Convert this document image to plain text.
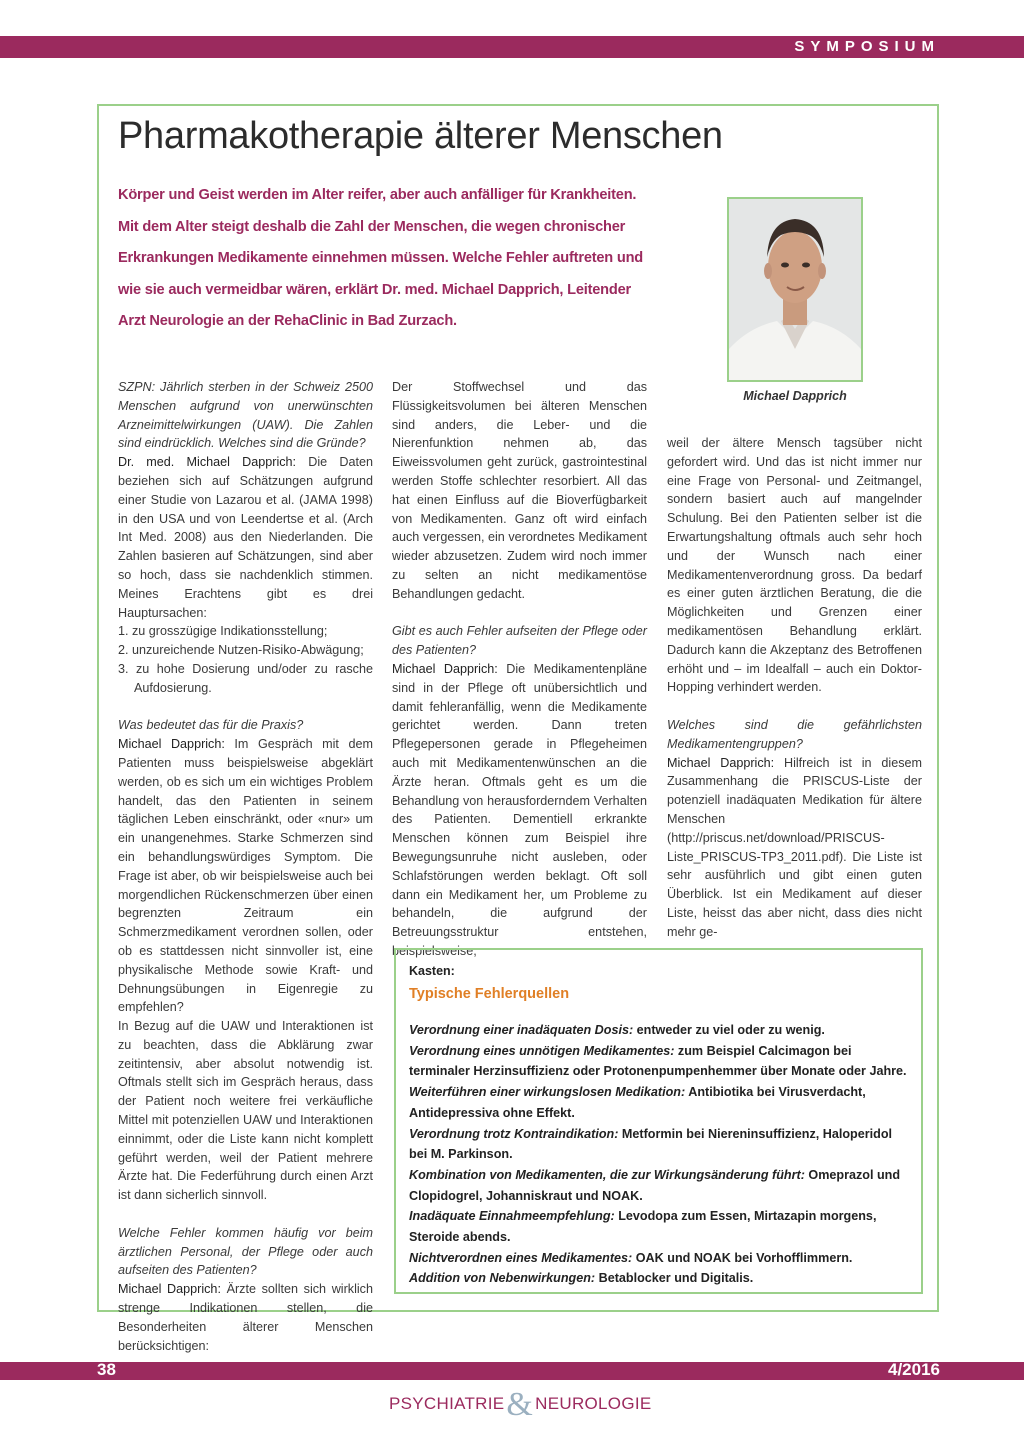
SYMPOSIUM
Pharmakotherapie älterer Menschen

Körper und Geist werden im Alter reifer, aber auch anfälliger für Krankheiten. Mit dem Alter steigt deshalb die Zahl der Menschen, die wegen chronischer Erkrankungen Medikamente einnehmen müssen. Welche Fehler auftreten und wie sie auch vermeidbar wären, erklärt Dr. med. Michael Dapprich, Leitender Arzt Neurologie an der RehaClinic in Bad Zurzach.

Michael Dapprich

SZPN: Jährlich sterben in der Schweiz 2500 Menschen aufgrund von unerwünschten Arzneimittelwirkungen (UAW). Die Zahlen sind eindrücklich. Welches sind die Gründe?

Dr. med. Michael Dapprich: Die Daten beziehen sich auf Schätzungen aufgrund einer Studie von Lazarou et al. (JAMA 1998) in den USA und von Leendertse et al. (Arch Int Med. 2008) aus den Niederlanden. Die Zahlen basieren auf Schätzungen, sind aber so hoch, dass sie nachdenklich stimmen. Meines Erachtens gibt es drei Hauptursachen:

1. zu grosszügige Indikationsstellung;
2. unzureichende Nutzen-Risiko-Abwägung;
3. zu hohe Dosierung und/oder zu rasche Aufdosierung.

Was bedeutet das für die Praxis?

Michael Dapprich: Im Gespräch mit dem Patienten muss beispielsweise abgeklärt werden, ob es sich um ein wichtiges Problem handelt, das den Patienten in seinem täglichen Leben einschränkt, oder «nur» um ein unangenehmes. Starke Schmerzen sind ein behandlungswürdiges Symptom. Die Frage ist aber, ob wir beispielsweise auch bei morgendlichen Rückenschmerzen über einen begrenzten Zeitraum ein Schmerzmedikament verordnen sollen, oder ob es stattdessen nicht sinnvoller ist, eine physikalische Methode sowie Kraft- und Dehnungsübungen in Eigenregie zu empfehlen?

In Bezug auf die UAW und Interaktionen ist zu beachten, dass die Abklärung zwar zeitintensiv, aber absolut notwendig ist. Oftmals stellt sich im Gespräch heraus, dass der Patient noch weitere frei verkäufliche Mittel mit potenziellen UAW und Interaktionen einnimmt, oder die Liste kann nicht komplett geführt werden, weil der Patient mehrere Ärzte hat. Die Federführung durch einen Arzt ist dann sicherlich sinnvoll.

Welche Fehler kommen häufig vor beim ärztlichen Personal, der Pflege oder auch aufseiten des Patienten?

Michael Dapprich: Ärzte sollten sich wirklich strenge Indikationen stellen, die Besonderheiten älterer Menschen berücksichtigen:

Der Stoffwechsel und das Flüssigkeitsvolumen bei älteren Menschen sind anders, die Leber- und die Nierenfunktion nehmen ab, das Eiweissvolumen geht zurück, gastrointestinal werden Stoffe schlechter resorbiert. All das hat einen Einfluss auf die Bioverfügbarkeit von Medikamenten. Ganz oft wird einfach auch vergessen, ein verordnetes Medikament wieder abzusetzen. Zudem wird noch immer zu selten an nicht medikamentöse Behandlungen gedacht.

Gibt es auch Fehler aufseiten der Pflege oder des Patienten?

Michael Dapprich: Die Medikamentenpläne sind in der Pflege oft unübersichtlich und damit fehleranfällig, wenn die Medikamente gerichtet werden. Dann treten Pflegepersonen gerade in Pflegeheimen auch mit Medikamentenwünschen an die Ärzte heran. Oftmals geht es um die Behandlung von herausforderndem Verhalten des Patienten. Dementiell erkrankte Menschen können zum Beispiel ihre Bewegungsunruhe nicht ausleben, oder Schlafstörungen werden beklagt. Oft soll dann ein Medikament her, um Probleme zu behandeln, die aufgrund der Betreuungsstruktur entstehen, beispielsweise,

weil der ältere Mensch tagsüber nicht gefordert wird. Und das ist nicht immer nur eine Frage von Personal- und Zeitmangel, sondern basiert auch auf mangelnder Schulung. Bei den Patienten selber ist die Erwartungshaltung oftmals auch sehr hoch und der Wunsch nach einer Medikamentenverordnung gross. Da bedarf es einer guten ärztlichen Beratung, die die Möglichkeiten und Grenzen einer medikamentösen Behandlung erklärt. Dadurch kann die Akzeptanz des Betroffenen erhöht und – im Idealfall – auch ein Doktor-Hopping verhindert werden.

Welches sind die gefährlichsten Medikamentengruppen?

Michael Dapprich: Hilfreich ist in diesem Zusammenhang die PRISCUS-Liste der potenziell inadäquaten Medikation für ältere Menschen (http://priscus.net/download/PRISCUS-Liste_PRISCUS-TP3_2011.pdf). Die Liste ist sehr ausführlich und gibt einen guten Überblick. Ist ein Medikament auf dieser Liste, heisst das aber nicht, dass dies nicht mehr ge-

Kasten:
Typische Fehlerquellen

Verordnung einer inadäquaten Dosis: entweder zu viel oder zu wenig.

Verordnung eines unnötigen Medikamentes: zum Beispiel Calcimagon bei terminaler Herzinsuffizienz oder Protonenpumpenhemmer über Monate oder Jahre.

Weiterführen einer wirkungslosen Medikation: Antibiotika bei Virusverdacht, Antidepressiva ohne Effekt.

Verordnung trotz Kontraindikation: Metformin bei Niereninsuffizienz, Haloperidol bei M. Parkinson.

Kombination von Medikamenten, die zur Wirkungsänderung führt: Omeprazol und Clopidogrel, Johanniskraut und NOAK.

Inadäquate Einnahmeempfehlung: Levodopa zum Essen, Mirtazapin morgens, Steroide abends.

Nichtverordnen eines Medikamentes: OAK und NOAK bei Vorhofflimmern.

Addition von Nebenwirkungen: Betablocker und Digitalis.

38	4/2016
PSYCHIATRIE& NEUROLOGIE
